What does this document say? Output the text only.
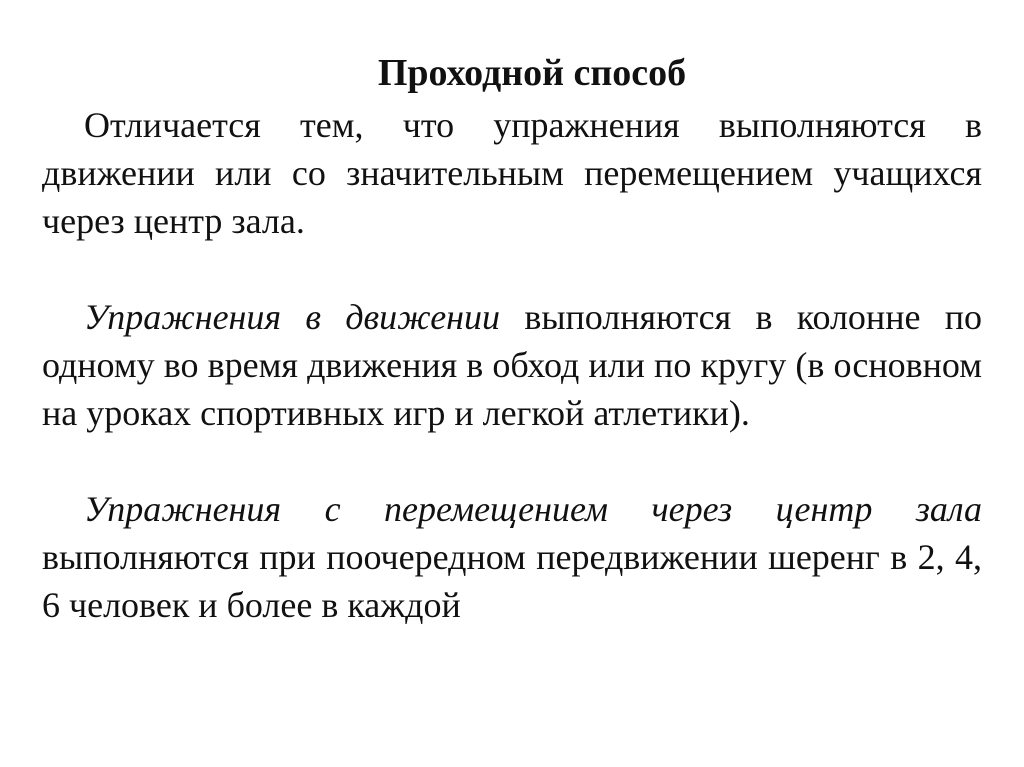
Проходной способ

Отличается тем, что упражнения выполняются в движении или со значительным перемещением учащихся через центр зала.

Упражнения в движении выполняются в колонне по одному во время движения в обход или по кругу (в основном на уроках спортивных игр и легкой атлетики).

Упражнения с перемещением через центр зала выполняются при поочередном передвижении шеренг в 2, 4, 6 человек и более в каждой
